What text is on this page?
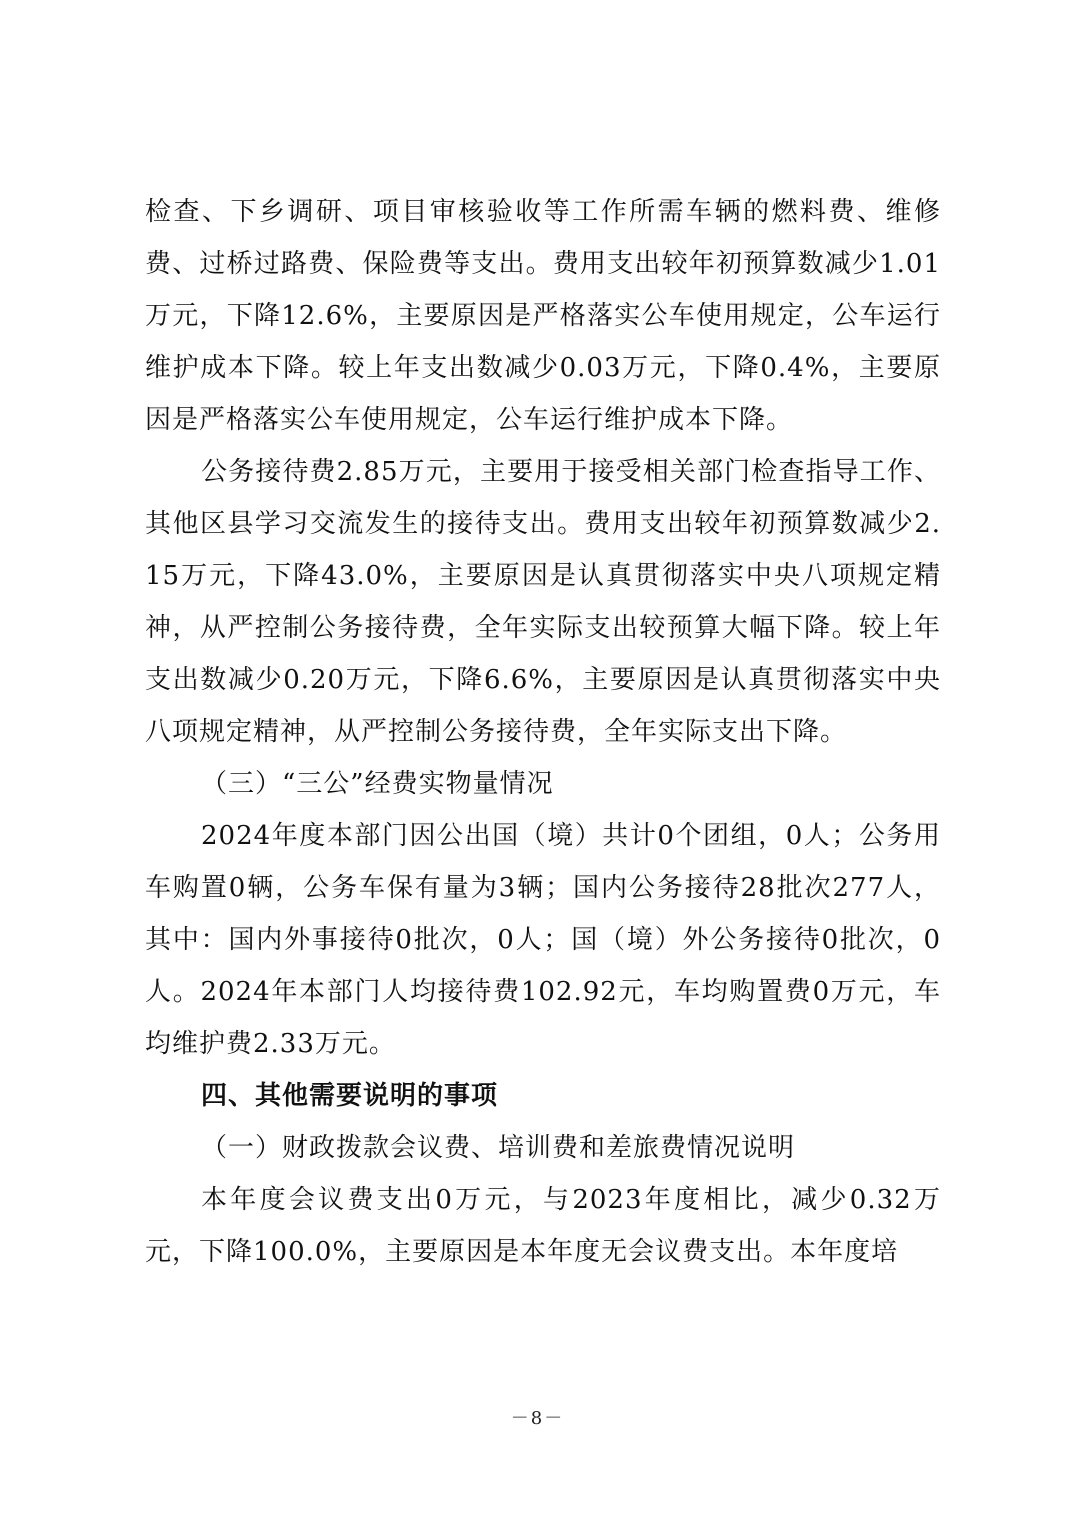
检查、下乡调研、项目审核验收等工作所需车辆的燃料费、维修费、过桥过路费、保险费等支出。费用支出较年初预算数减少1.01万元，下降12.6%，主要原因是严格落实公车使用规定，公车运行维护成本下降。较上年支出数减少0.03万元，下降0.4%，主要原因是严格落实公车使用规定，公车运行维护成本下降。

公务接待费2.85万元，主要用于接受相关部门检查指导工作、其他区县学习交流发生的接待支出。费用支出较年初预算数减少2.15万元，下降43.0%，主要原因是认真贯彻落实中央八项规定精神，从严控制公务接待费，全年实际支出较预算大幅下降。较上年支出数减少0.20万元，下降6.6%，主要原因是认真贯彻落实中央八项规定精神，从严控制公务接待费，全年实际支出下降。

（三）“三公”经费实物量情况

2024年度本部门因公出国（境）共计0个团组，0人；公务用车购置0辆，公务车保有量为3辆；国内公务接待28批次277人，其中：国内外事接待0批次，0人；国（境）外公务接待0批次，0人。2024年本部门人均接待费102.92元，车均购置费0万元，车均维护费2.33万元。

四、其他需要说明的事项

（一）财政拨款会议费、培训费和差旅费情况说明

本年度会议费支出0万元，与2023年度相比，减少0.32万元，下降100.0%，主要原因是本年度无会议费支出。本年度培

－8－
